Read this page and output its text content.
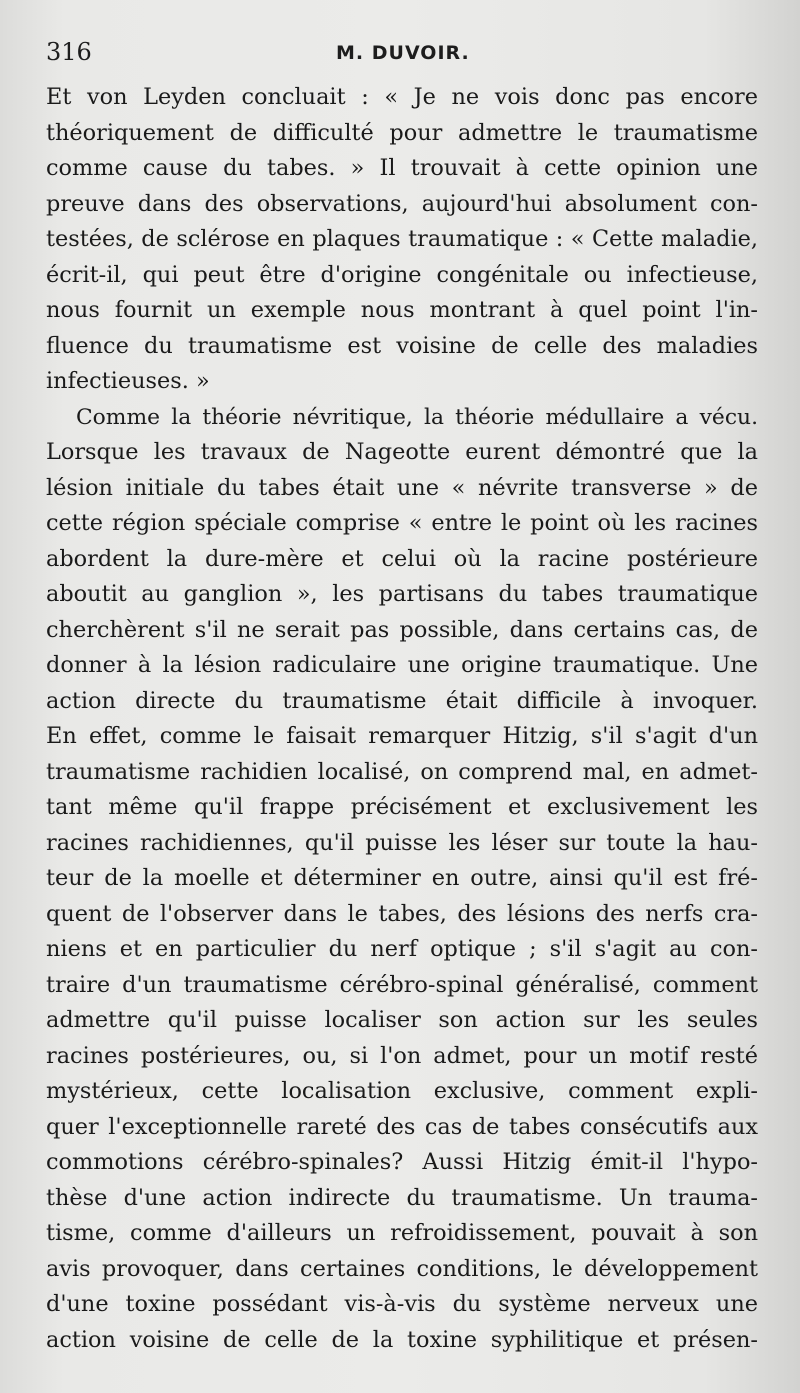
316	M. DUVOIR.
Et von Leyden concluait : « Je ne vois donc pas encore
théoriquement de difficulté pour admettre le traumatisme
comme cause du tabes. » Il trouvait à cette opinion une
preuve dans des observations, aujourd'hui absolument con-
testées, de sclérose en plaques traumatique : « Cette maladie,
écrit-il, qui peut être d'origine congénitale ou infectieuse,
nous fournit un exemple nous montrant à quel point l'in-
fluence du traumatisme est voisine de celle des maladies
infectieuses. »
Comme la théorie névritique, la théorie médullaire a vécu.
Lorsque les travaux de Nageotte eurent démontré que la
lésion initiale du tabes était une « névrite transverse » de
cette région spéciale comprise « entre le point où les racines
abordent la dure-mère et celui où la racine postérieure
aboutit au ganglion », les partisans du tabes traumatique
cherchèrent s'il ne serait pas possible, dans certains cas, de
donner à la lésion radiculaire une origine traumatique. Une
action directe du traumatisme était difficile à invoquer.
En effet, comme le faisait remarquer Hitzig, s'il s'agit d'un
traumatisme rachidien localisé, on comprend mal, en admet-
tant même qu'il frappe précisément et exclusivement les
racines rachidiennes, qu'il puisse les léser sur toute la hau-
teur de la moelle et déterminer en outre, ainsi qu'il est fré-
quent de l'observer dans le tabes, des lésions des nerfs cra-
niens et en particulier du nerf optique ; s'il s'agit au con-
traire d'un traumatisme cérébro-spinal généralisé, comment
admettre qu'il puisse localiser son action sur les seules
racines postérieures, ou, si l'on admet, pour un motif resté
mystérieux, cette localisation exclusive, comment expli-
quer l'exceptionnelle rareté des cas de tabes consécutifs aux
commotions cérébro-spinales? Aussi Hitzig émit-il l'hypo-
thèse d'une action indirecte du traumatisme. Un trauma-
tisme, comme d'ailleurs un refroidissement, pouvait à son
avis provoquer, dans certaines conditions, le développement
d'une toxine possédant vis-à-vis du système nerveux une
action voisine de celle de la toxine syphilitique et présen-
